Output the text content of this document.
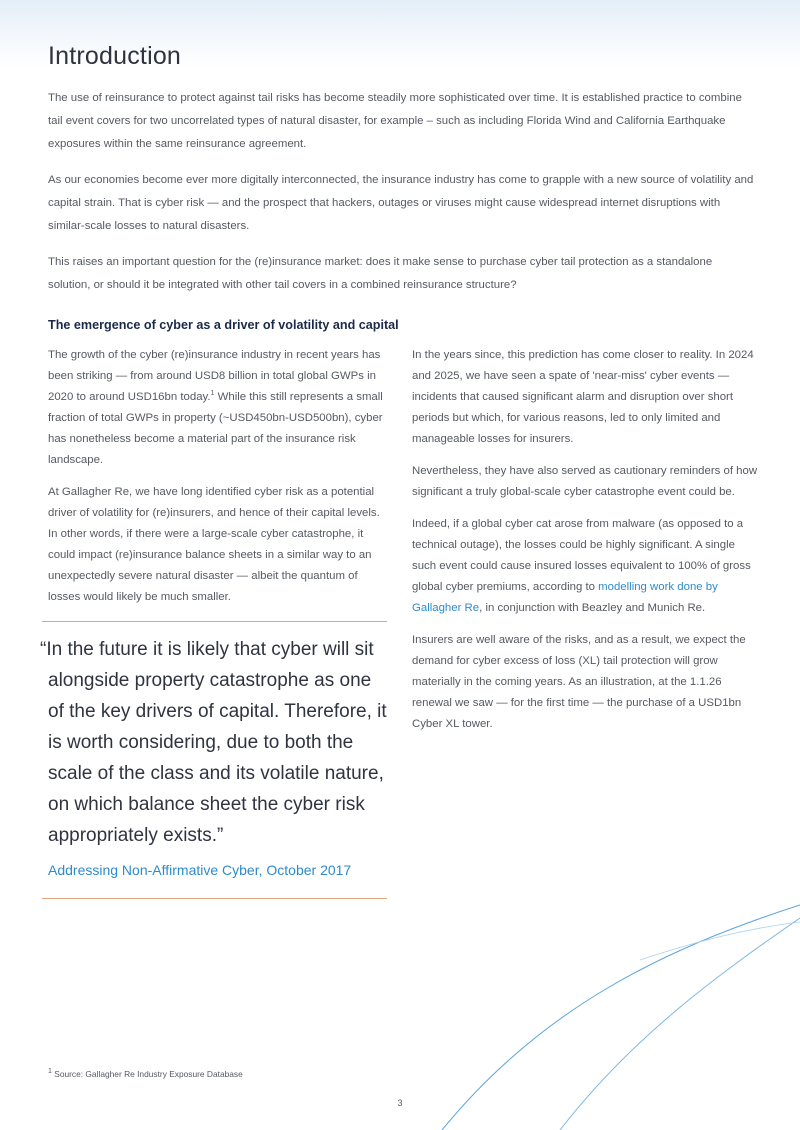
Introduction

The use of reinsurance to protect against tail risks has become steadily more sophisticated over time. It is established practice to combine tail event covers for two uncorrelated types of natural disaster, for example – such as including Florida Wind and California Earthquake exposures within the same reinsurance agreement.

As our economies become ever more digitally interconnected, the insurance industry has come to grapple with a new source of volatility and capital strain. That is cyber risk — and the prospect that hackers, outages or viruses might cause widespread internet disruptions with similar-scale losses to natural disasters.

This raises an important question for the (re)insurance market: does it make sense to purchase cyber tail protection as a standalone solution, or should it be integrated with other tail covers in a combined reinsurance structure?

The emergence of cyber as a driver of volatility and capital

The growth of the cyber (re)insurance industry in recent years has been striking — from around USD8 billion in total global GWPs in 2020 to around USD16bn today.$^1$ While this still represents a small fraction of total GWPs in property (~USD450bn-USD500bn), cyber has nonetheless become a material part of the insurance risk landscape.

At Gallagher Re, we have long identified cyber risk as a potential driver of volatility for (re)insurers, and hence of their capital levels. In other words, if there were a large-scale cyber catastrophe, it could impact (re)insurance balance sheets in a similar way to an unexpectedly severe natural disaster — albeit the quantum of losses would likely be much smaller.

“In the future it is likely that cyber will sit alongside property catastrophe as one of the key drivers of capital. Therefore, it is worth considering, due to both the scale of the class and its volatile nature, on which balance sheet the cyber risk appropriately exists.”
Addressing Non-Affirmative Cyber, October 2017

In the years since, this prediction has come closer to reality. In 2024 and 2025, we have seen a spate of 'near-miss' cyber events — incidents that caused significant alarm and disruption over short periods but which, for various reasons, led to only limited and manageable losses for insurers.

Nevertheless, they have also served as cautionary reminders of how significant a truly global-scale cyber catastrophe event could be.

Indeed, if a global cyber cat arose from malware (as opposed to a technical outage), the losses could be highly significant. A single such event could cause insured losses equivalent to 100% of gross global cyber premiums, according to modelling work done by Gallagher Re, in conjunction with Beazley and Munich Re.

Insurers are well aware of the risks, and as a result, we expect the demand for cyber excess of loss (XL) tail protection will grow materially in the coming years. As an illustration, at the 1.1.26 renewal we saw — for the first time — the purchase of a USD1bn Cyber XL tower.

$^1$ Source: Gallagher Re Industry Exposure Database
3
